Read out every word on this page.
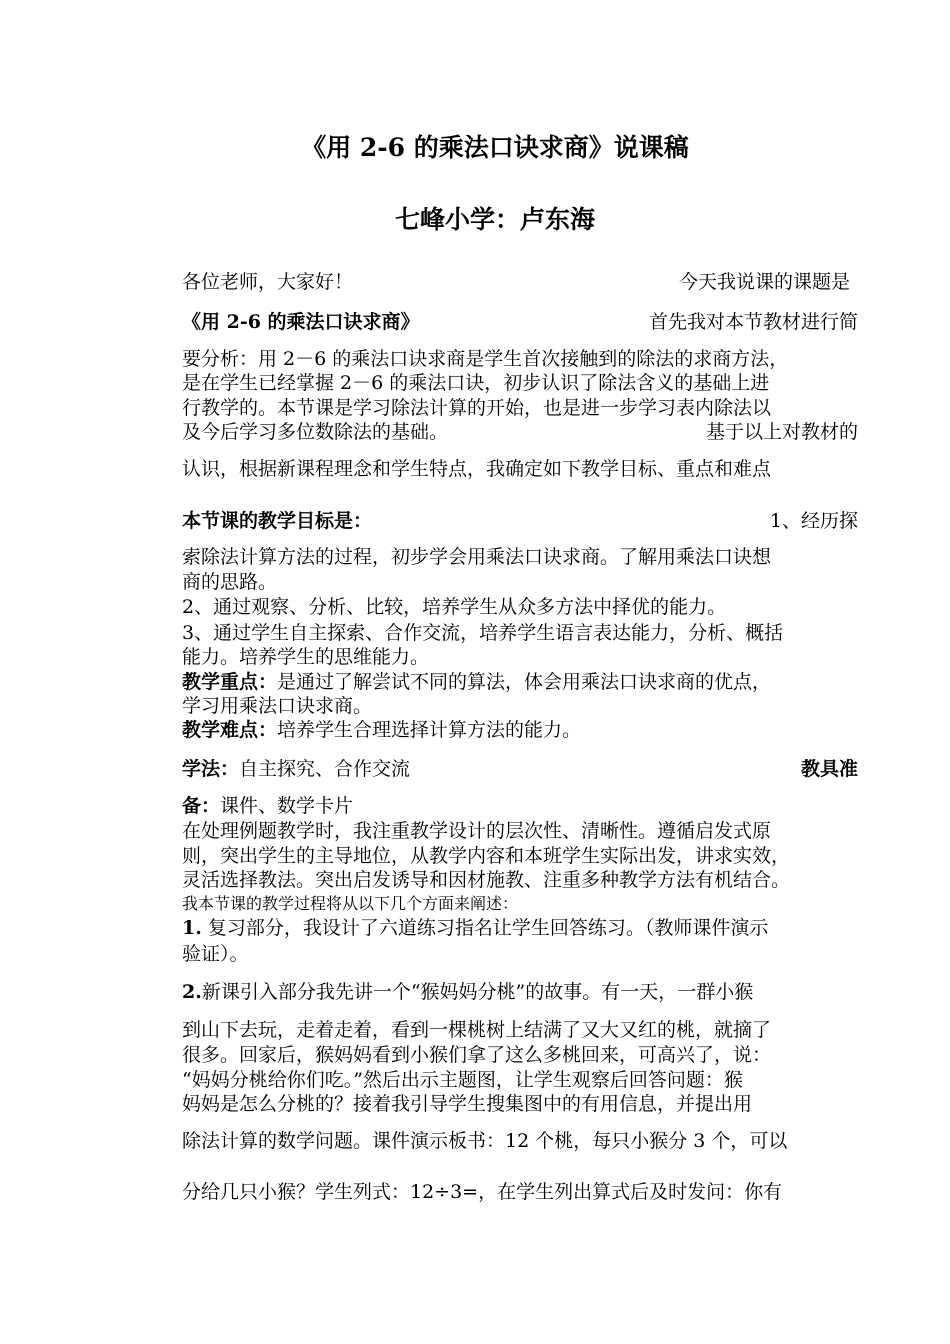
《用 2-6 的乘法口诀求商》说课稿
七峰小学：卢东海
各位老师，大家好！	今天我说课的课题是
《用 2-6 的乘法口诀求商》	首先我对本节教材进行简
要分析：用 2－6 的乘法口诀求商是学生首次接触到的除法的求商方法，
是在学生已经掌握 2－6 的乘法口诀，初步认识了除法含义的基础上进
行教学的。本节课是学习除法计算的开始，也是进一步学习表内除法以
及今后学习多位数除法的基础。	基于以上对教材的
认识，根据新课程理念和学生特点，我确定如下教学目标、重点和难点
本节课的教学目标是：	1、经历探
索除法计算方法的过程，初步学会用乘法口诀求商。了解用乘法口诀想
商的思路。
2、通过观察、分析、比较，培养学生从众多方法中择优的能力。
3、通过学生自主探索、合作交流，培养学生语言表达能力，分析、概括
能力。培养学生的思维能力。
教学重点：是通过了解尝试不同的算法，体会用乘法口诀求商的优点，
学习用乘法口诀求商。
教学难点：培养学生合理选择计算方法的能力。
学法：自主探究、合作交流	教具准
备：课件、数学卡片
在处理例题教学时，我注重教学设计的层次性、清晰性。遵循启发式原
则，突出学生的主导地位，从教学内容和本班学生实际出发，讲求实效，
灵活选择教法。突出启发诱导和因材施教、注重多种教学方法有机结合。
我本节课的教学过程将从以下几个方面来阐述：
1. 复习部分，我设计了六道练习指名让学生回答练习。（教师课件演示
验证）。
2.新课引入部分我先讲一个“猴妈妈分桃”的故事。有一天，一群小猴
到山下去玩，走着走着，看到一棵桃树上结满了又大又红的桃，就摘了
很多。回家后，猴妈妈看到小猴们拿了这么多桃回来，可高兴了，说：
“妈妈分桃给你们吃。”然后出示主题图，让学生观察后回答问题：猴
妈妈是怎么分桃的？接着我引导学生搜集图中的有用信息，并提出用
除法计算的数学问题。课件演示板书：12 个桃，每只小猴分 3 个，可以
分给几只小猴？学生列式：12÷3=，在学生列出算式后及时发问：你有
